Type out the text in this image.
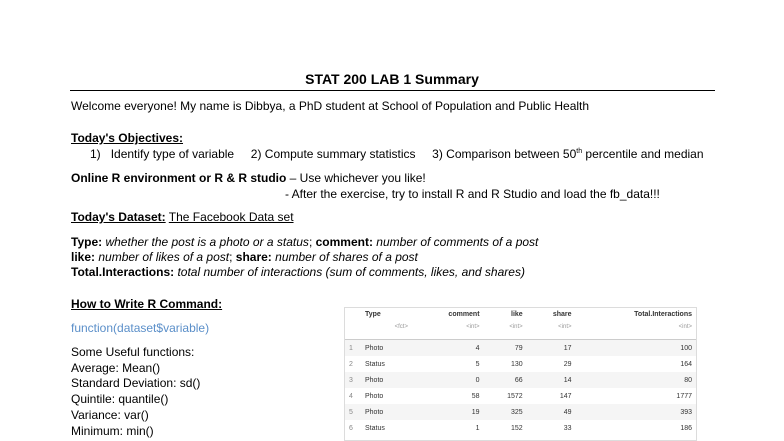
STAT 200 LAB 1 Summary
Welcome everyone! My name is Dibbya, a PhD student at School of Population and Public Health
Today's Objectives:
1) Identify type of variable 2) Compute summary statistics 3) Comparison between 50th percentile and median
Online R environment or R & R studio – Use whichever you like!
- After the exercise, try to install R and R Studio and load the fb_data!!!
Today's Dataset: The Facebook Data set
Type: whether the post is a photo or a status; comment: number of comments of a post
like: number of likes of a post; share: number of shares of a post
Total.Interactions: total number of interactions (sum of comments, likes, and shares)
How to Write R Command:
function(dataset$variable)
Some Useful functions:
Average: Mean()
Standard Deviation: sd()
Quintile: quantile()
Variance: var()
Minimum: min()
	Type	comment	like	share	Total.Interactions
	<fct>	<int>	<int>	<int>	<int>
1	Photo	4	79	17	100
2	Status	5	130	29	164
3	Photo	0	66	14	80
4	Photo	58	1572	147	1777
5	Photo	19	325	49	393
6	Status	1	152	33	186
